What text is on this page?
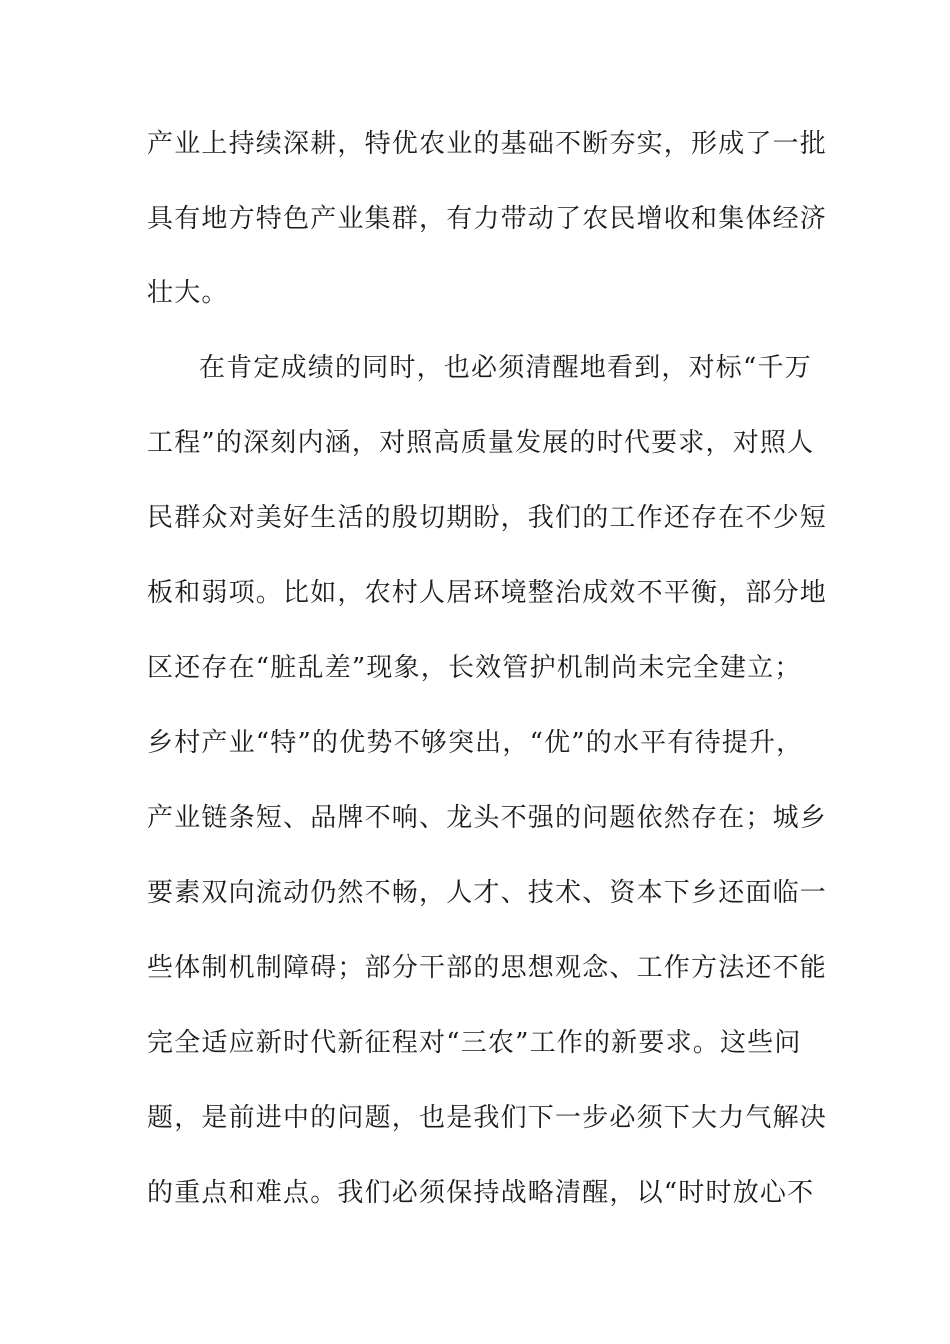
产业上持续深耕，特优农业的基础不断夯实，形成了一批
具有地方特色产业集群，有力带动了农民增收和集体经济
壮大。
在肯定成绩的同时，也必须清醒地看到，对标“千万
工程”的深刻内涵，对照高质量发展的时代要求，对照人
民群众对美好生活的殷切期盼，我们的工作还存在不少短
板和弱项。比如，农村人居环境整治成效不平衡，部分地
区还存在“脏乱差”现象，长效管护机制尚未完全建立；
乡村产业“特”的优势不够突出，“优”的水平有待提升，
产业链条短、品牌不响、龙头不强的问题依然存在；城乡
要素双向流动仍然不畅，人才、技术、资本下乡还面临一
些体制机制障碍；部分干部的思想观念、工作方法还不能
完全适应新时代新征程对“三农”工作的新要求。这些问
题，是前进中的问题，也是我们下一步必须下大力气解决
的重点和难点。我们必须保持战略清醒，以“时时放心不
